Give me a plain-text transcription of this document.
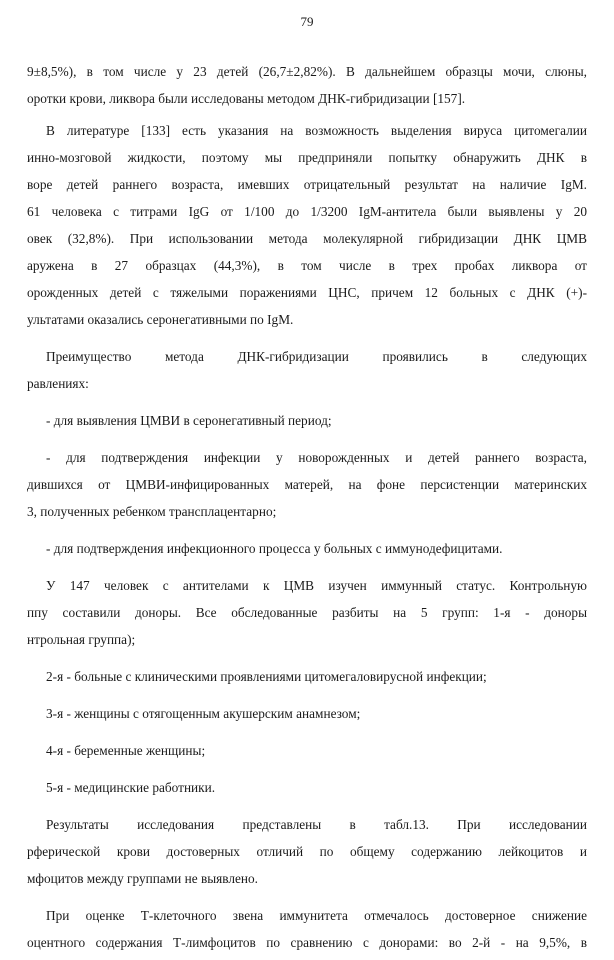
79
9±8,5%), в том числе у 23 детей (26,7±2,82%). В дальнейшем образцы мочи, слюны,
оротки крови, ликвора были исследованы методом ДНК-гибридизации [157].
В литературе [133] есть указания на возможность выделения вируса цитомегалии
инно-мозговой жидкости, поэтому мы предприняли попытку обнаружить ДНК в
воре детей раннего возраста, имевших отрицательный результат на наличие IgM.
61 человека с титрами IgG от 1/100 до 1/3200 IgM-антитела были выявлены у 20
овек (32,8%). При использовании метода молекулярной гибридизации ДНК ЦМВ
аружена в 27 образцах (44,3%), в том числе в трех пробах ликвора от
орожденных детей с тяжелыми поражениями ЦНС, причем 12 больных с ДНК (+)-
ультатами оказались серонегативными по IgM.
Преимущество метода ДНК-гибридизации проявились в следующих
равлениях:
- для выявления ЦМВИ в серонегативный период;
- для подтверждения инфекции у новорожденных и детей раннего возраста,
дившихся от ЦМВИ-инфицированных матерей, на фоне персистенции материнских
3, полученных ребенком трансплацентарно;
- для подтверждения инфекционного процесса у больных с иммунодефицитами.
У 147 человек с антителами к ЦМВ изучен иммунный статус. Контрольную
ппу составили доноры. Все обследованные разбиты на 5 групп: 1-я - доноры
нтрольная группа);
2-я - больные с клиническими проявлениями цитомегаловирусной инфекции;
3-я - женщины с отягощенным акушерским анамнезом;
4-я - беременные женщины;
5-я - медицинские работники.
Результаты исследования представлены в табл.13. При исследовании
рферической крови достоверных отличий по общему содержанию лейкоцитов и
мфоцитов между группами не выявлено.
При оценке Т-клеточного звена иммунитета отмечалось достоверное снижение
оцентного содержания Т-лимфоцитов по сравнению с донорами: во 2-й - на 9,5%, в
